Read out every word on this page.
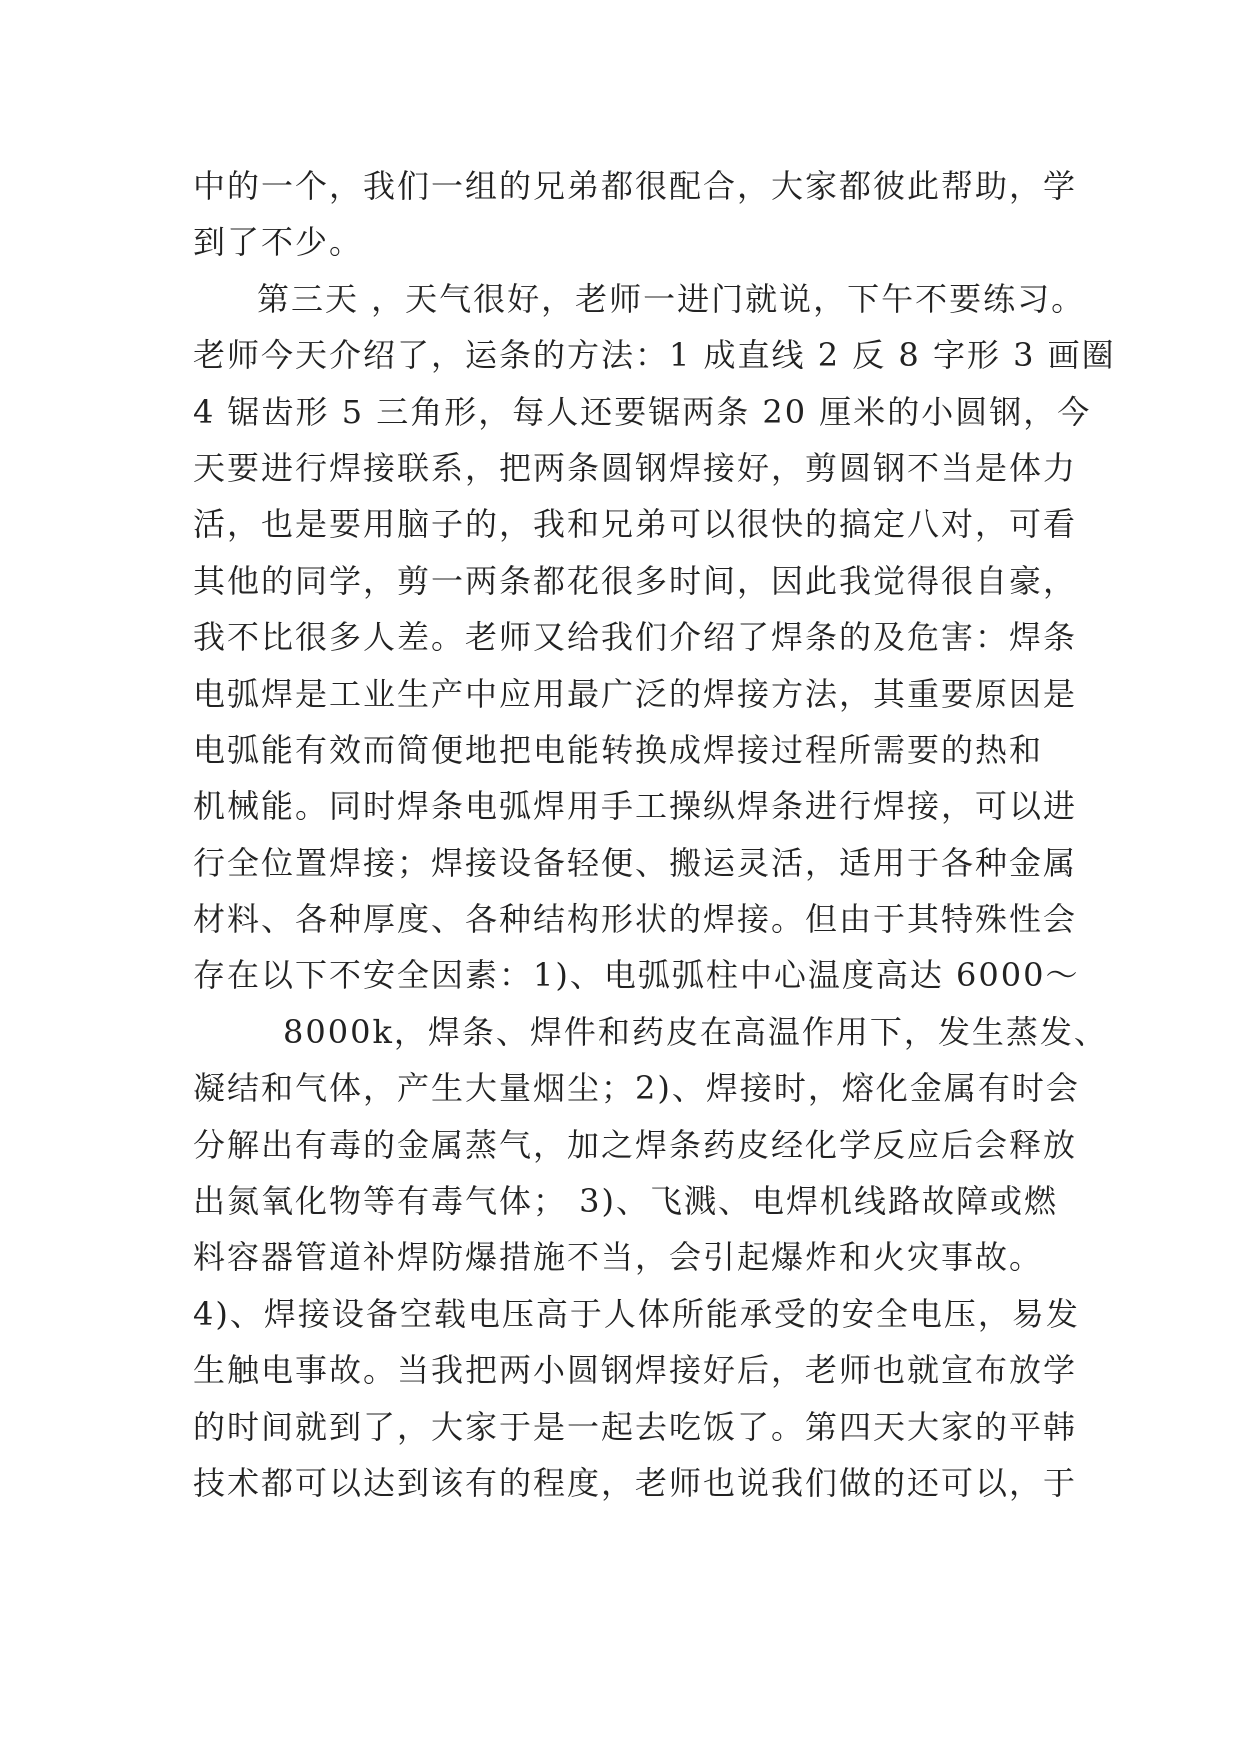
中的一个，我们一组的兄弟都很配合，大家都彼此帮助，学
到了不少。
第三天 ，天气很好，老师一进门就说，下午不要练习。
老师今天介绍了，运条的方法：1 成直线 2 反 8 字形 3 画圈
4 锯齿形 5 三角形，每人还要锯两条 20 厘米的小圆钢，今
天要进行焊接联系，把两条圆钢焊接好，剪圆钢不当是体力
活，也是要用脑子的，我和兄弟可以很快的搞定八对，可看
其他的同学，剪一两条都花很多时间，因此我觉得很自豪，
我不比很多人差。老师又给我们介绍了焊条的及危害：焊条
电弧焊是工业生产中应用最广泛的焊接方法，其重要原因是
电弧能有效而简便地把电能转换成焊接过程所需要的热和
机械能。同时焊条电弧焊用手工操纵焊条进行焊接，可以进
行全位置焊接；焊接设备轻便、搬运灵活，适用于各种金属
材料、各种厚度、各种结构形状的焊接。但由于其特殊性会
存在以下不安全因素：1)、电弧弧柱中心温度高达 6000～
8000k，焊条、焊件和药皮在高温作用下，发生蒸发、
凝结和气体，产生大量烟尘；2)、焊接时，熔化金属有时会
分解出有毒的金属蒸气，加之焊条药皮经化学反应后会释放
出氮氧化物等有毒气体； 3)、飞溅、电焊机线路故障或燃
料容器管道补焊防爆措施不当，会引起爆炸和火灾事故。
4)、焊接设备空载电压高于人体所能承受的安全电压，易发
生触电事故。当我把两小圆钢焊接好后，老师也就宣布放学
的时间就到了，大家于是一起去吃饭了。第四天大家的平韩
技术都可以达到该有的程度，老师也说我们做的还可以，于
